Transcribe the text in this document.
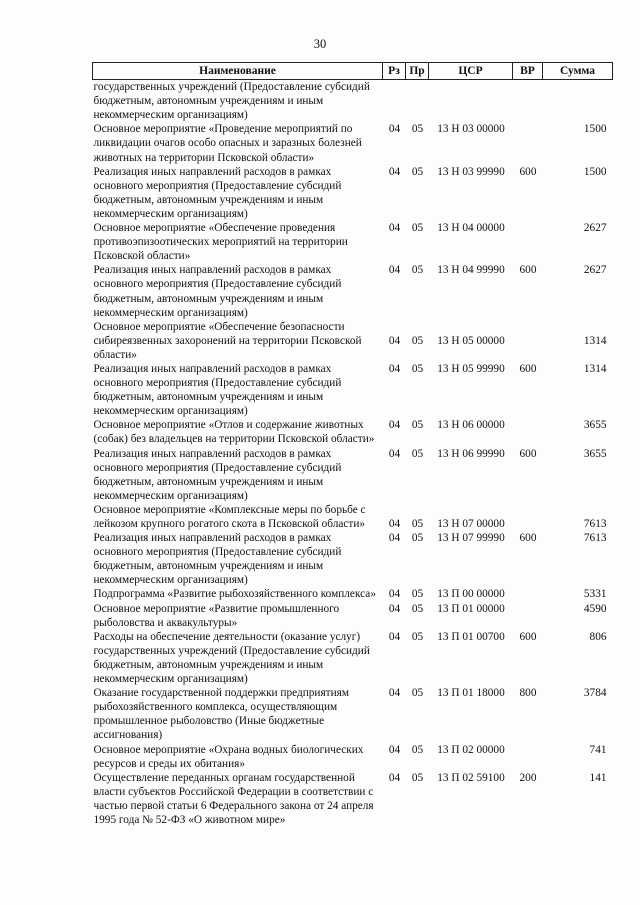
30
Наименование	Рз	Пр	ЦСР	ВР	Сумма
государственных учреждений (Предоставление субсидий бюджетным, автономным учреждениям и иным некоммерческим организациям)					
Основное мероприятие «Проведение мероприятий по ликвидации очагов особо опасных и заразных болезней животных на территории Псковской области»	04	05	13 Н 03 00000		1500
Реализация иных направлений расходов в рамках основного мероприятия (Предоставление субсидий бюджетным, автономным учреждениям и иным некоммерческим организациям)	04	05	13 Н 03 99990	600	1500
Основное мероприятие «Обеспечение проведения противоэпизоотических мероприятий на территории Псковской области»	04	05	13 Н 04 00000		2627
Реализация иных направлений расходов в рамках основного мероприятия (Предоставление субсидий бюджетным, автономным учреждениям и иным некоммерческим организациям)	04	05	13 Н 04 99990	600	2627
Основное мероприятие «Обеспечение безопасности сибиреязвенных захоронений на территории Псковской области»	04	05	13 Н 05 00000		1314
Реализация иных направлений расходов в рамках основного мероприятия (Предоставление субсидий бюджетным, автономным учреждениям и иным некоммерческим организациям)	04	05	13 Н 05 99990	600	1314
Основное мероприятие «Отлов и содержание животных (собак) без владельцев на территории Псковской области»	04	05	13 Н 06 00000		3655
Реализация иных направлений расходов в рамках основного мероприятия (Предоставление субсидий бюджетным, автономным учреждениям и иным некоммерческим организациям)	04	05	13 Н 06 99990	600	3655
Основное мероприятие «Комплексные меры по борьбе с лейкозом крупного рогатого скота в Псковской области»	04	05	13 Н 07 00000		7613
Реализация иных направлений расходов в рамках основного мероприятия (Предоставление субсидий бюджетным, автономным учреждениям и иным некоммерческим организациям)	04	05	13 Н 07 99990	600	7613
Подпрограмма «Развитие рыбохозяйственного комплекса»	04	05	13 П 00 00000		5331
Основное мероприятие «Развитие промышленного рыболовства и аквакультуры»	04	05	13 П 01 00000		4590
Расходы на обеспечение деятельности (оказание услуг) государственных учреждений (Предоставление субсидий бюджетным, автономным учреждениям и иным некоммерческим организациям)	04	05	13 П 01 00700	600	806
Оказание государственной поддержки предприятиям рыбохозяйственного комплекса, осуществляющим промышленное рыболовство (Иные бюджетные ассигнования)	04	05	13 П 01 18000	800	3784
Основное мероприятие «Охрана водных биологических ресурсов и среды их обитания»	04	05	13 П 02 00000		741
Осуществление переданных органам государственной власти субъектов Российской Федерации в соответствии с частью первой статьи 6 Федерального закона от 24 апреля 1995 года № 52-ФЗ «О животном мире»	04	05	13 П 02 59100	200	141
